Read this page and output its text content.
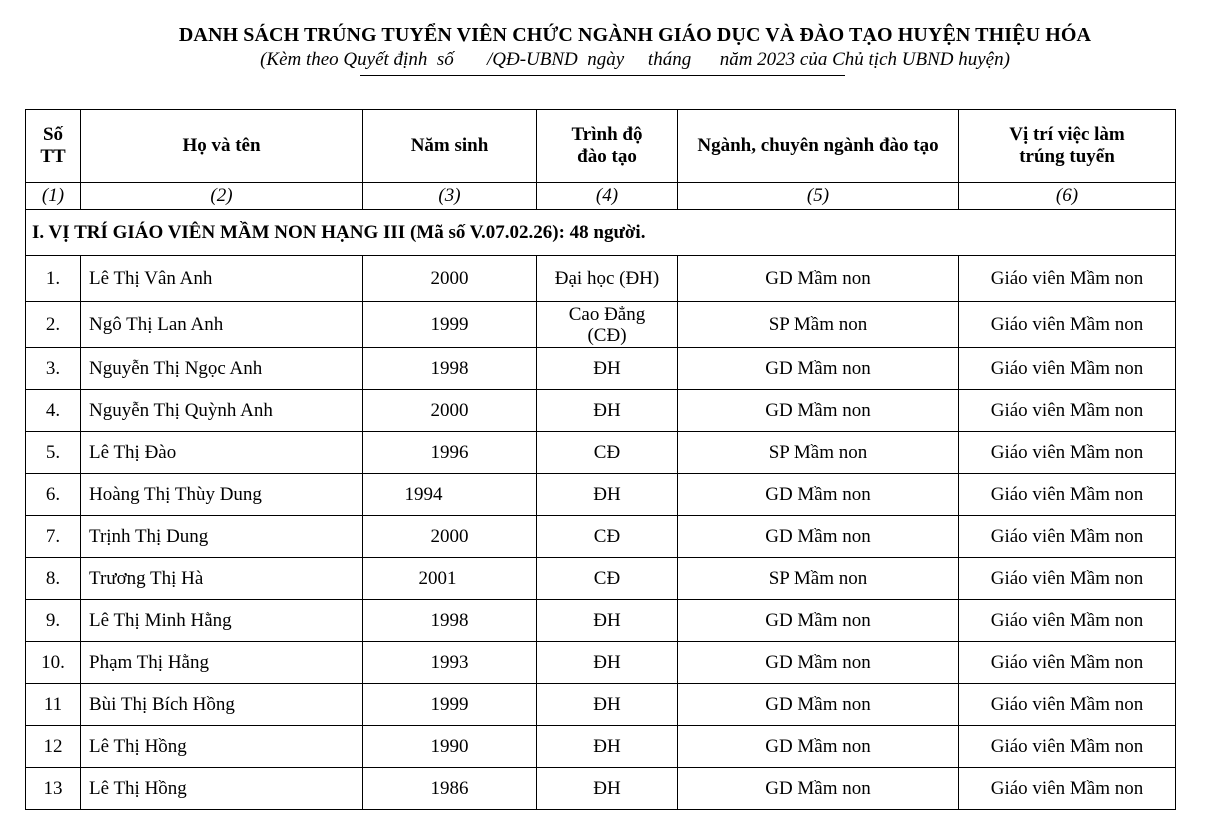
DANH SÁCH TRÚNG TUYỂN VIÊN CHỨC NGÀNH GIÁO DỤC VÀ ĐÀO TẠO HUYỆN THIỆU HÓA
(Kèm theo Quyết định  số       /QĐ-UBND  ngày     tháng      năm 2023 của Chủ tịch UBND huyện)
Số TT	Họ và tên	Năm sinh	Trình độ đào tạo	Ngành, chuyên ngành đào tạo	Vị trí việc làm trúng tuyển
(1)	(2)	(3)	(4)	(5)	(6)
I. VỊ TRÍ GIÁO VIÊN MẦM NON HẠNG III (Mã số V.07.02.26): 48 người.					
1.	Lê Thị Vân Anh	2000	Đại học (ĐH)	GD Mầm non	Giáo viên Mầm non
2.	Ngô Thị Lan Anh	1999	Cao Đẳng (CĐ)	SP Mầm non	Giáo viên Mầm non
3.	Nguyễn Thị Ngọc Anh	1998	ĐH	GD Mầm non	Giáo viên Mầm non
4.	Nguyễn Thị Quỳnh Anh	2000	ĐH	GD Mầm non	Giáo viên Mầm non
5.	Lê Thị Đào	1996	CĐ	SP Mầm non	Giáo viên Mầm non
6.	Hoàng Thị Thùy Dung	1994	ĐH	GD Mầm non	Giáo viên Mầm non
7.	Trịnh Thị Dung	2000	CĐ	GD Mầm non	Giáo viên Mầm non
8.	Trương Thị Hà	2001	CĐ	SP Mầm non	Giáo viên Mầm non
9.	Lê Thị Minh Hằng	1998	ĐH	GD Mầm non	Giáo viên Mầm non
10.	Phạm Thị Hằng	1993	ĐH	GD Mầm non	Giáo viên Mầm non
11	Bùi Thị Bích Hồng	1999	ĐH	GD Mầm non	Giáo viên Mầm non
12	Lê Thị Hồng	1990	ĐH	GD Mầm non	Giáo viên Mầm non
13	Lê Thị Hồng	1986	ĐH	GD Mầm non	Giáo viên Mầm non
